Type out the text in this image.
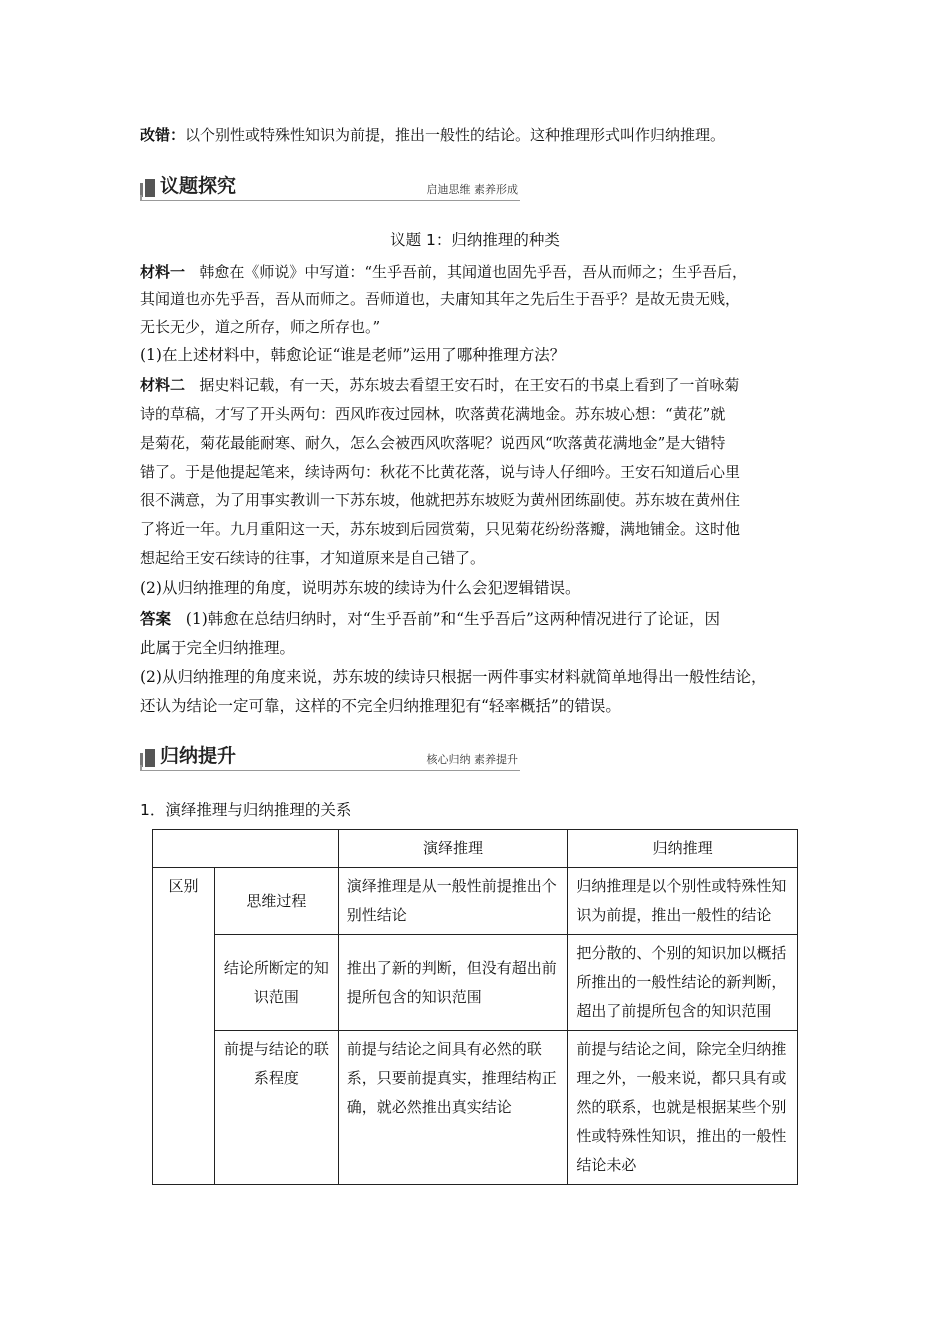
改错：以个别性或特殊性知识为前提，推出一般性的结论。这种推理形式叫作归纳推理。
议题探究	启迪思维 素养形成
议题 1：归纳推理的种类
材料一 韩愈在《师说》中写道：“生乎吾前，其闻道也固先乎吾，吾从而师之；生乎吾后，
其闻道也亦先乎吾，吾从而师之。吾师道也，夫庸知其年之先后生于吾乎？是故无贵无贱，
无长无少，道之所存，师之所存也。”
(1)在上述材料中，韩愈论证“谁是老师”运用了哪种推理方法？
材料二 据史料记载，有一天，苏东坡去看望王安石时，在王安石的书桌上看到了一首咏菊
诗的草稿，才写了开头两句：西风昨夜过园林，吹落黄花满地金。苏东坡心想：“黄花”就
是菊花，菊花最能耐寒、耐久，怎么会被西风吹落呢？说西风“吹落黄花满地金”是大错特
错了。于是他提起笔来，续诗两句：秋花不比黄花落，说与诗人仔细吟。王安石知道后心里
很不满意，为了用事实教训一下苏东坡，他就把苏东坡贬为黄州团练副使。苏东坡在黄州住
了将近一年。九月重阳这一天，苏东坡到后园赏菊，只见菊花纷纷落瓣，满地铺金。这时他
想起给王安石续诗的往事，才知道原来是自己错了。
(2)从归纳推理的角度，说明苏东坡的续诗为什么会犯逻辑错误。
答案 (1)韩愈在总结归纳时，对“生乎吾前”和“生乎吾后”这两种情况进行了论证，因
此属于完全归纳推理。
(2)从归纳推理的角度来说，苏东坡的续诗只根据一两件事实材料就简单地得出一般性结论，
还认为结论一定可靠，这样的不完全归纳推理犯有“轻率概括”的错误。
归纳提升	核心归纳 素养提升
1．演绎推理与归纳推理的关系
		演绎推理	归纳推理
区别	思维过程	演绎推理是从一般性前提推出个别性结论	归纳推理是以个别性或特殊性知识为前提，推出一般性的结论
	结论所断定的知识范围	推出了新的判断，但没有超出前提所包含的知识范围	把分散的、个别的知识加以概括所推出的一般性结论的新判断，超出了前提所包含的知识范围
	前提与结论的联系程度	前提与结论之间具有必然的联系，只要前提真实，推理结构正确，就必然推出真实结论	前提与结论之间，除完全归纳推理之外，一般来说，都只具有或然的联系，也就是根据某些个别性或特殊性知识，推出的一般性结论未必
